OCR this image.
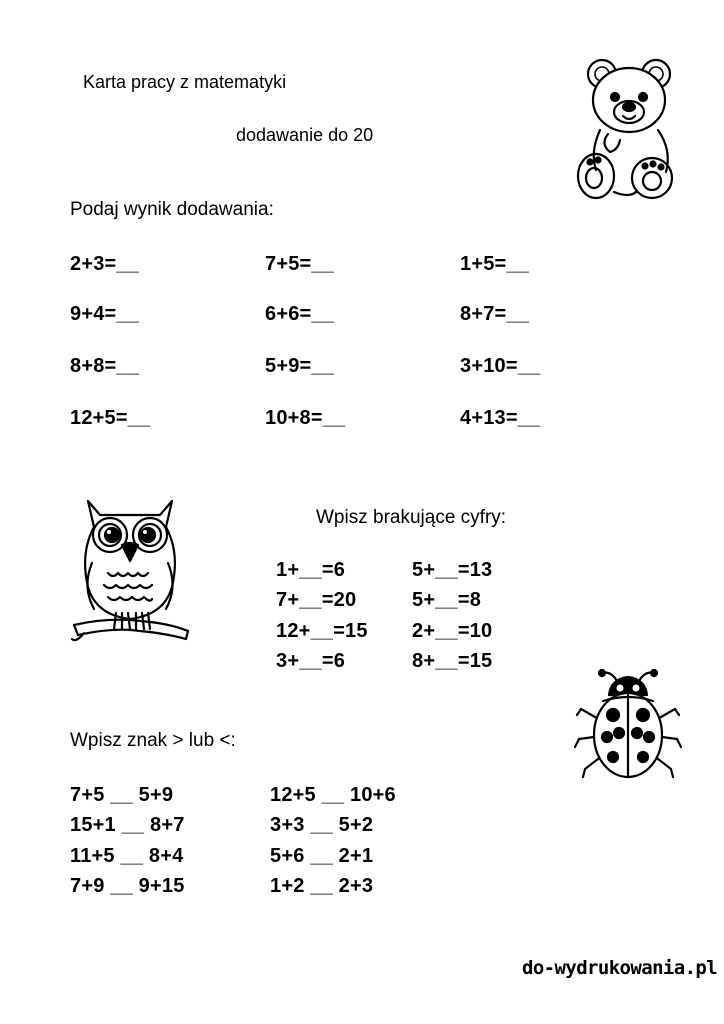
Karta pracy z matematyki
dodawanie do 20
Podaj wynik dodawania:
2+3=__	7+5=__	1+5=__
9+4=__	6+6=__	8+7=__
8+8=__	5+9=__	3+10=__
12+5=__	10+8=__	4+13=__
Wpisz brakujące cyfry:
1+__=6	5+__=13
7+__=20	5+__=8
12+__=15 2+__=10
3+__=6	8+__=15
Wpisz znak > lub <:
7+5 __ 5+9	12+5 __ 10+6
15+1 __ 8+7	3+3 __ 5+2
11+5 __ 8+4	5+6 __ 2+1
7+9 __ 9+15	1+2 __ 2+3
do-wydrukowania.pl
